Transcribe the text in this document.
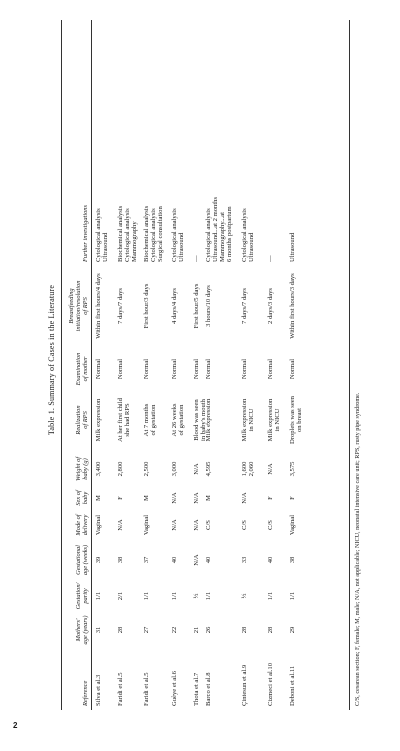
Table 1. Summary of Cases in the Literature
Reference
Mothers' age (years)
Gestation/ parity
Gestational age (weeks)
Mode of delivery
Sex of baby
Weight of baby (g)
Realization of RPS
Examination of mother
Breastfeeding initiation/resolution of RPS
Further investigations
Silva et al.3
31
1/1
39
Vaginal
M
3,400
Milk expression
Normal
Within first hours/4 days
Cytological analysis Ultrasound
Faridi et al.5
28
2/1
38
N/A
F
2,800
At her first child she had RPS
Normal
7 days/7 days
Biochemical analysis Cytological analysis Mammography
Faridi et al.5
27
1/1
37
Vaginal
M
2,500
At 7 months of gestation
Normal
First hour/3 days
Biochemical analysis Cytological analysis Surgical consultation
Guèye et al.6
22
1/1
40
N/A
N/A
3,000
At 26 weeks of gestation
Normal
4 days/4 days
Cytological analysis Ultrasound
Thota et al.7
21
½
N/A
N/A
N/A
N/A
Blood was seen in baby's mouth
Normal
First hour/5 days
—
Barco et al.8
26
1/1
40
C/S
M
4,595
Milk expression
Normal
3 hours/10 days
Cytological analysis Ultrasound...at 2 months Mammography...at 6 months postpartum
Çintesun et al.9
28
½
33
C/S
N/A
1,600 2,060
Milk expression in NICU
Normal
7 days/7 days
Cytological analysis Ultrasound
Cizmeci et al.10
28
1/1
40
C/S
F
N/A
Milk expression in NICU
Normal
2 days/3 days
—
Deboni et al.11
29
1/1
38
Vaginal
F
3,575
Droplets was seen on breast
Normal
Within first hours/3 days
Ultrasound
C/S, cesarean section; F, female; M, male; N/A, not applicable; NICU, neonatal intensive care unit; RPS, rusty pipe syndrome.
2
